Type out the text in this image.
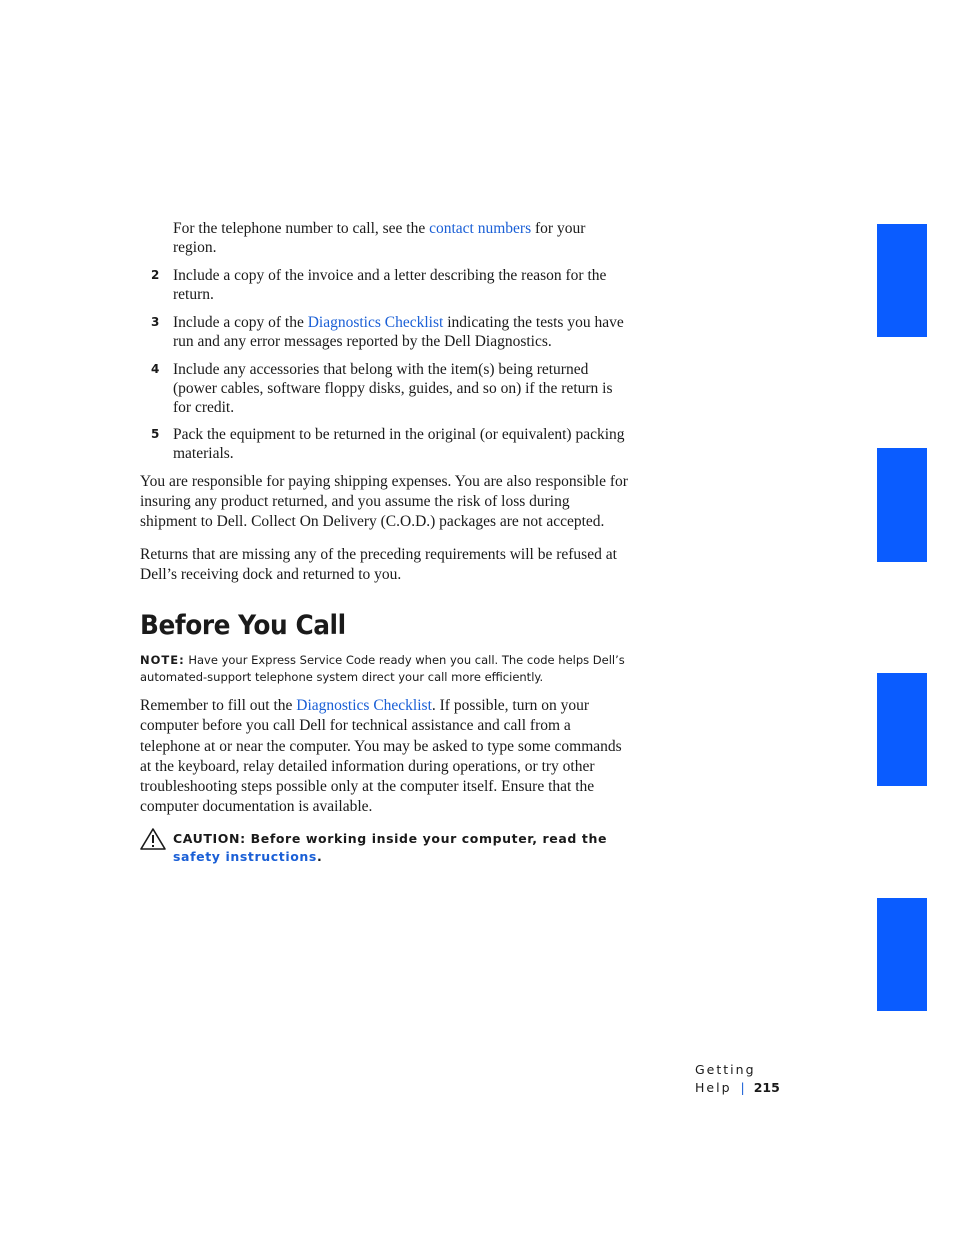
For the telephone number to call, see the contact numbers for your region.
2 Include a copy of the invoice and a letter describing the reason for the return.
3 Include a copy of the Diagnostics Checklist indicating the tests you have run and any error messages reported by the Dell Diagnostics.
4 Include any accessories that belong with the item(s) being returned (power cables, software floppy disks, guides, and so on) if the return is for credit.
5 Pack the equipment to be returned in the original (or equivalent) packing materials.
You are responsible for paying shipping expenses. You are also responsible for insuring any product returned, and you assume the risk of loss during shipment to Dell. Collect On Delivery (C.O.D.) packages are not accepted.
Returns that are missing any of the preceding requirements will be refused at Dell’s receiving dock and returned to you.
Before You Call
NOTE: Have your Express Service Code ready when you call. The code helps Dell’s automated-support telephone system direct your call more efficiently.
Remember to fill out the Diagnostics Checklist. If possible, turn on your computer before you call Dell for technical assistance and call from a telephone at or near the computer. You may be asked to type some commands at the keyboard, relay detailed information during operations, or try other troubleshooting steps possible only at the computer itself. Ensure that the computer documentation is available.
CAUTION: Before working inside your computer, read the safety instructions.
Getting Help | 215
